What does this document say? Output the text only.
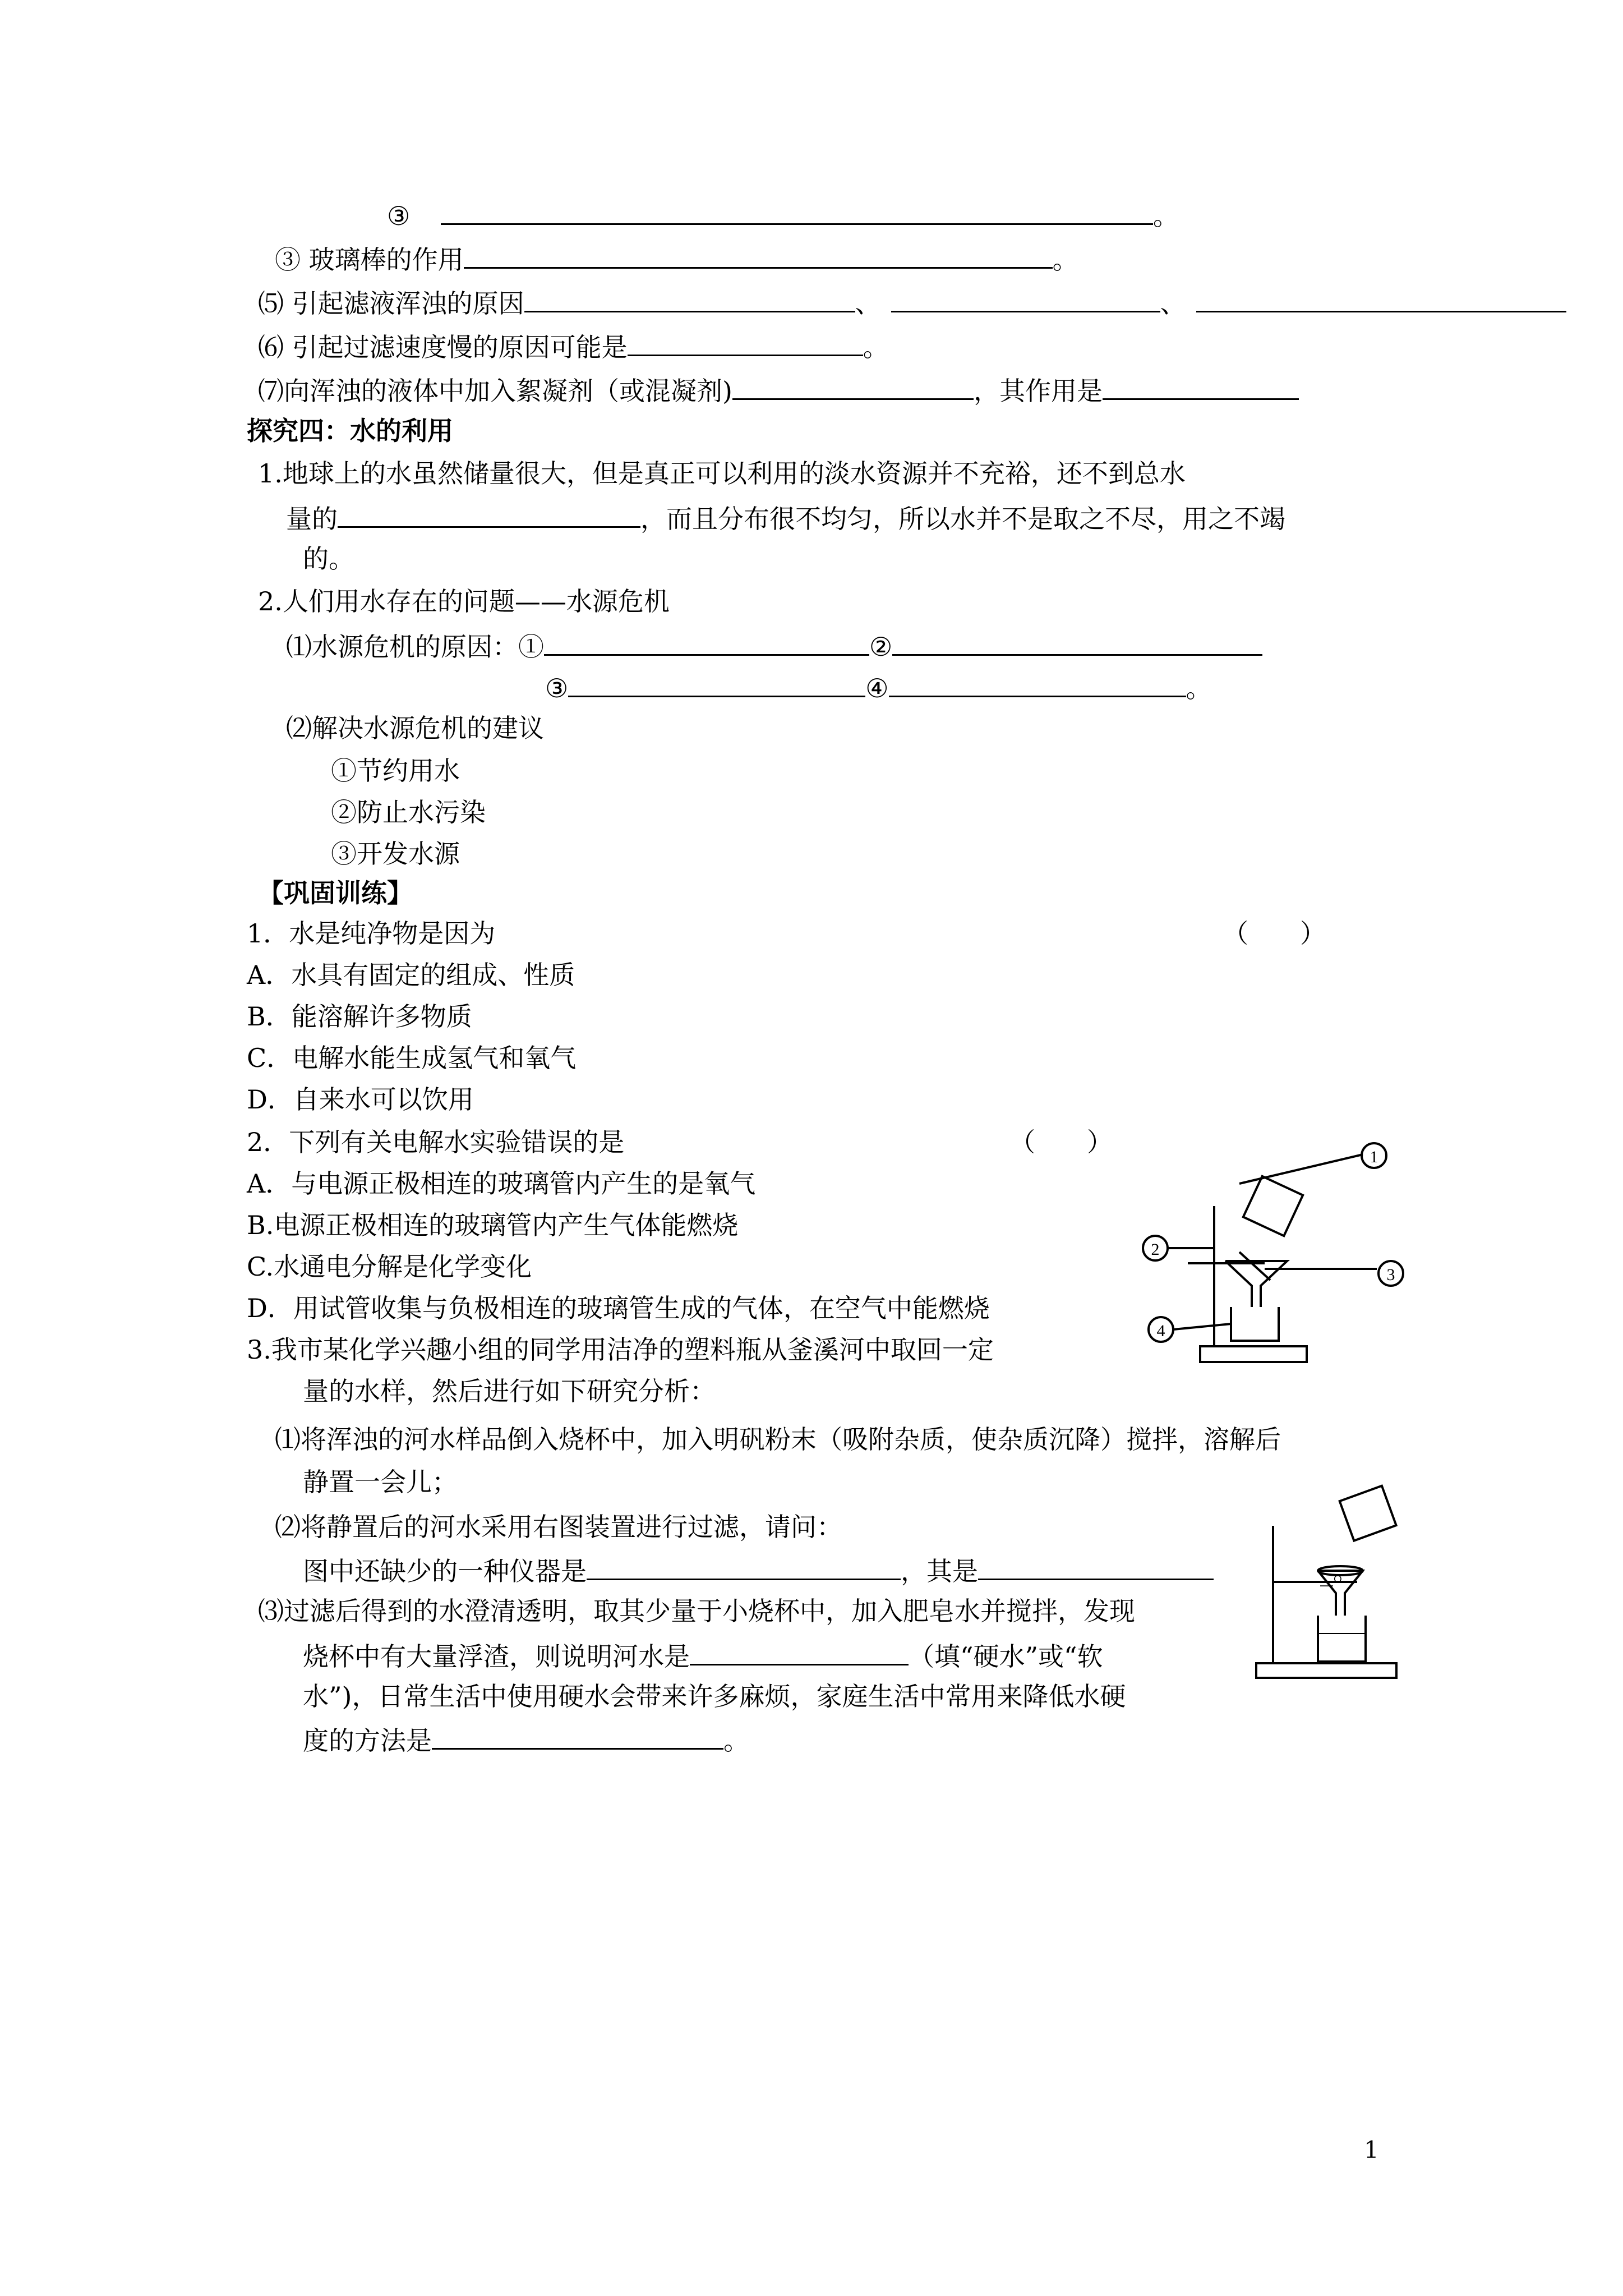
③	。
③ 玻璃棒的作用	。
⑸ 引起滤液浑浊的原因	、	、
⑹ 引起过滤速度慢的原因可能是	。
⑺向浑浊的液体中加入絮凝剂（或混凝剂)	，其作用是
探究四：水的利用
1.地球上的水虽然储量很大，但是真正可以利用的淡水资源并不充裕，还不到总水
量的	，而且分布很不均匀，所以水并不是取之不尽，用之不竭
的。
2.人们用水存在的问题——水源危机
⑴水源危机的原因：①	②
③	④	。
⑵解决水源危机的建议
①节约用水
②防止水污染
③开发水源
【巩固训练】
1．水是纯净物是因为	（　　）
A．水具有固定的组成、性质
B．能溶解许多物质
C．电解水能生成氢气和氧气
D．自来水可以饮用
2．下列有关电解水实验错误的是	（　　）
A．与电源正极相连的玻璃管内产生的是氧气
B.电源正极相连的玻璃管内产生气体能燃烧
C.水通电分解是化学变化
D．用试管收集与负极相连的玻璃管生成的气体，在空气中能燃烧
1
2
3
4
3.我市某化学兴趣小组的同学用洁净的塑料瓶从釜溪河中取回一定
量的水样，然后进行如下研究分析：
⑴将浑浊的河水样品倒入烧杯中，加入明矾粉末（吸附杂质，使杂质沉降）搅拌，溶解后
静置一会儿；
⑵将静置后的河水采用右图装置进行过滤，请问：
图中还缺少的一种仪器是	，其是	_。
⑶过滤后得到的水澄清透明，取其少量于小烧杯中，加入肥皂水并搅拌，发现
烧杯中有大量浮渣，则说明河水是	（填“硬水”或“软
水”)，日常生活中使用硬水会带来许多麻烦，家庭生活中常用来降低水硬
度的方法是	。
1
